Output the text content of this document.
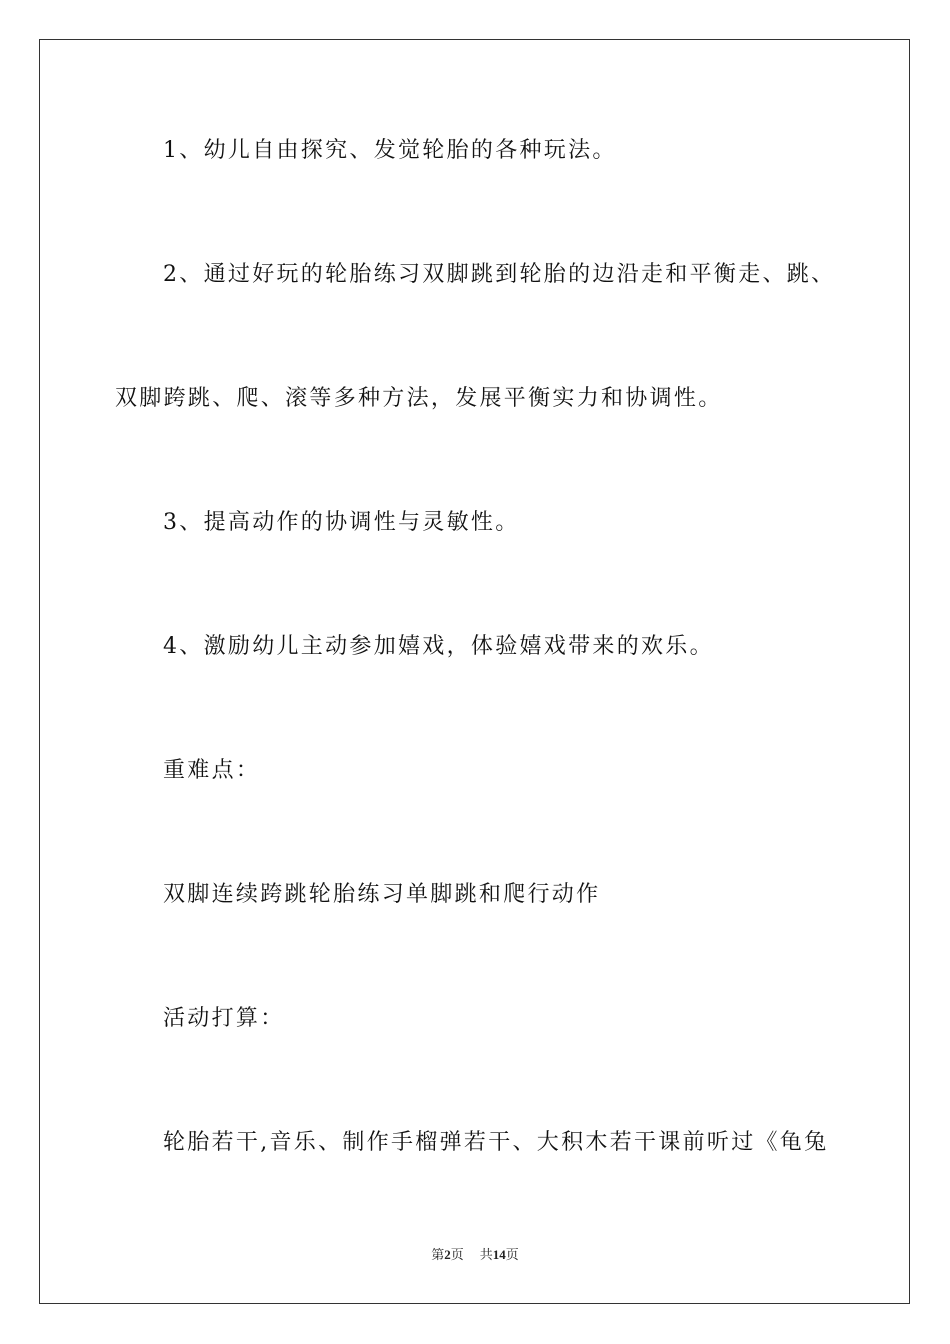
1、幼儿自由探究、发觉轮胎的各种玩法。
2、通过好玩的轮胎练习双脚跳到轮胎的边沿走和平衡走、跳、
双脚跨跳、爬、滚等多种方法，发展平衡实力和协调性。
3、提高动作的协调性与灵敏性。
4、激励幼儿主动参加嬉戏，体验嬉戏带来的欢乐。
重难点：
双脚连续跨跳轮胎练习单脚跳和爬行动作
活动打算：
轮胎若干,音乐、制作手榴弹若干、大积木若干课前听过《龟兔
第2页 共14页
